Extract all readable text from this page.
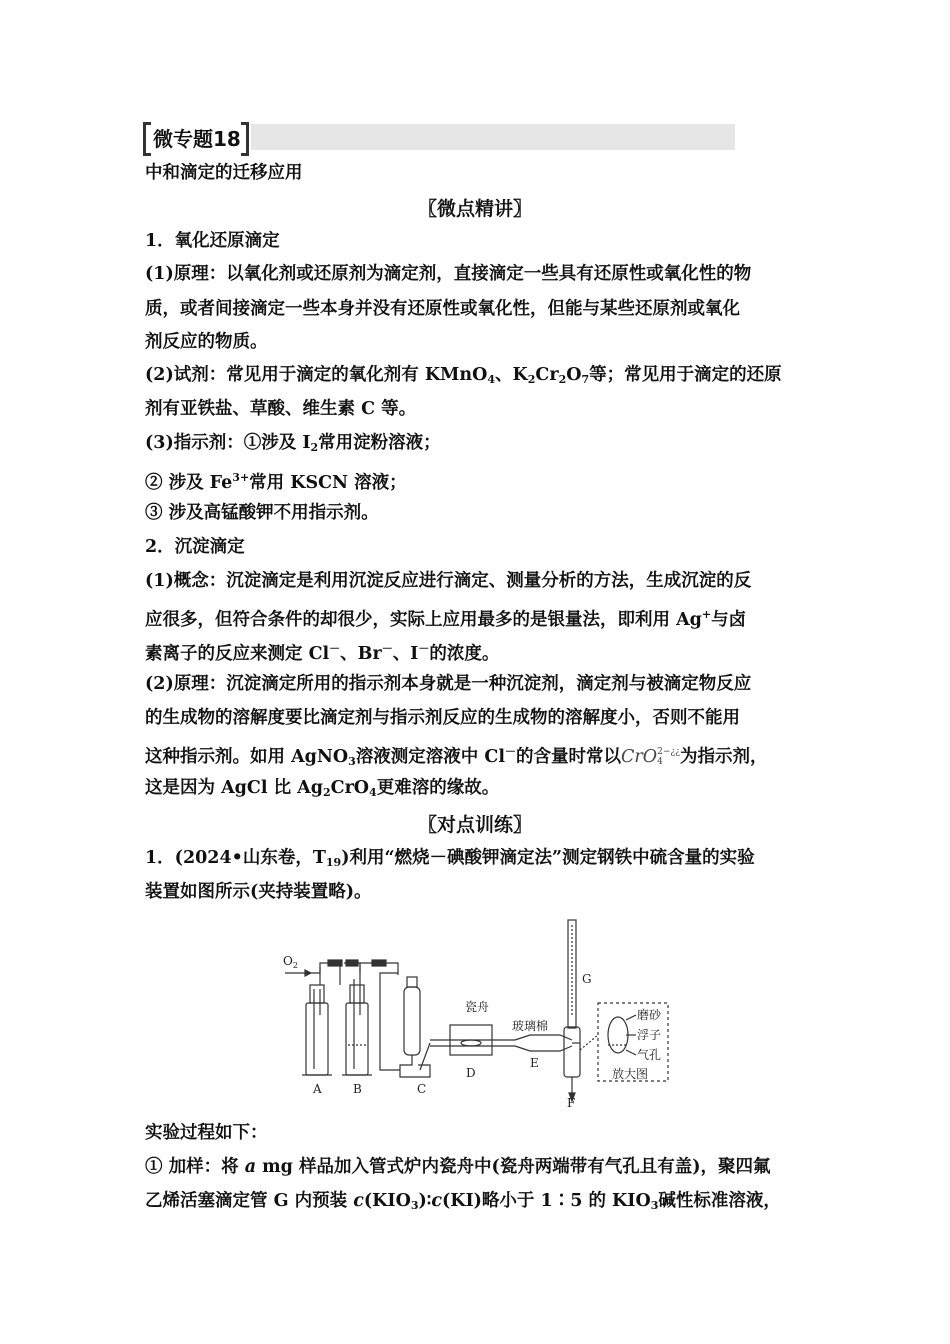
微专题18
中和滴定的迁移应用
〖微点精讲〗
1．氧化还原滴定
(1)原理：以氧化剂或还原剂为滴定剂，直接滴定一些具有还原性或氧化性的物
质，或者间接滴定一些本身并没有还原性或氧化性，但能与某些还原剂或氧化
剂反应的物质。
(2)试剂：常见用于滴定的氧化剂有 KMnO$_4$、$K_2Cr_2O_7$等；常见用于滴定的还原
剂有亚铁盐、草酸、维生素 C 等。
(3)指示剂：①涉及 $I_2$常用淀粉溶液；
② 涉及 $Fe^{3+}$常用 KSCN 溶液；
③ 涉及高锰酸钾不用指示剂。
2．沉淀滴定
(1)概念：沉淀滴定是利用沉淀反应进行滴定、测量分析的方法，生成沉淀的反
应很多，但符合条件的却很少，实际上应用最多的是银量法，即利用 Ag+与卤
素离子的反应来测定 Cl－、Br－、I－的浓度。
(2)原理：沉淀滴定所用的指示剂本身就是一种沉淀剂，滴定剂与被滴定物反应
的生成物的溶解度要比滴定剂与指示剂反应的生成物的溶解度小，否则不能用
这种指示剂。如用 AgNO$_3$溶液测定溶液中 Cl－的含量时常以CrO 2−¿¿
4 为指示剂，
这是因为 AgCl 比 $Ag_2CrO_4$更难溶的缘故。
〖对点训练〗
1．(2024•山东卷，$T_{19}$)利用“燃烧－碘酸钾滴定法”测定钢铁中硫含量的实验
装置如图所示(夹持装置略)。
$O_2$
A	B	C
D
E
F
G
瓷舟
玻璃棉
磨砂
浮子
气孔
放大图
实验过程如下：
① 加样：将 a mg 样品加入管式炉内瓷舟中(瓷舟两端带有气孔且有盖)，聚四氟
乙烯活塞滴定管 G 内预装 $c(KIO_3)∶c(KI)$略小于 1∶5 的 $KIO_3$碱性标准溶液，
